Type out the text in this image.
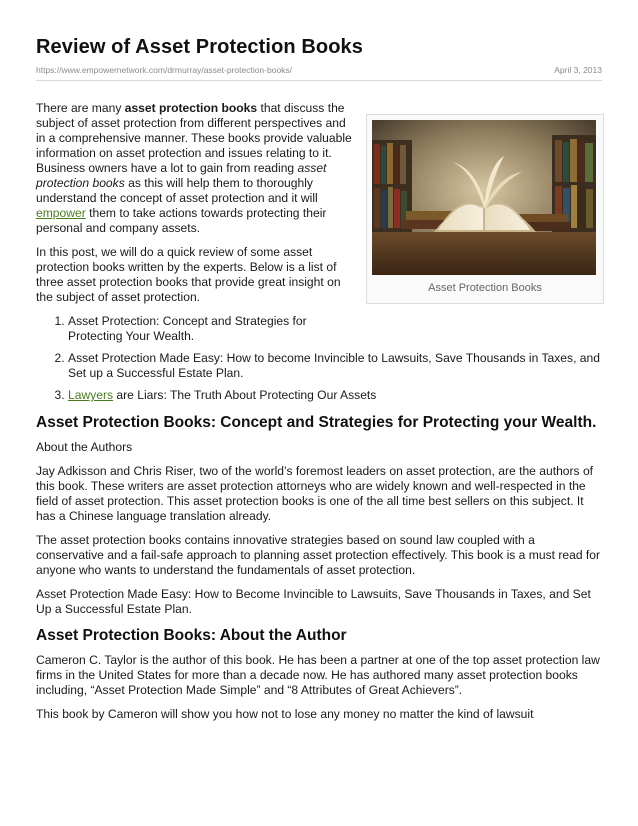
Review of Asset Protection Books
https://www.empowernetwork.com/drmurray/asset-protection-books/	April 3, 2013
Asset Protection Books

There are many asset protection books that discuss the subject of asset protection from different perspectives and in a comprehensive manner. These books provide valuable information on asset protection and issues relating to it. Business owners have a lot to gain from reading asset protection books as this will help them to thoroughly understand the concept of asset protection and it will empower them to take actions towards protecting their personal and company assets.

In this post, we will do a quick review of some asset protection books written by the experts. Below is a list of three asset protection books that provide great insight on the subject of asset protection.

1. Asset Protection: Concept and Strategies for Protecting Your Wealth.
2. Asset Protection Made Easy: How to become Invincible to Lawsuits, Save Thousands in Taxes, and Set up a Successful Estate Plan.
3. Lawyers are Liars: The Truth About Protecting Our Assets
Asset Protection Books: Concept and Strategies for Protecting your Wealth.

About the Authors

Jay Adkisson and Chris Riser, two of the world’s foremost leaders on asset protection, are the authors of this book. These writers are asset protection attorneys who are widely known and well-respected in the field of asset protection. This asset protection books is one of the all time best sellers on this subject. It has a Chinese language translation already.

The asset protection books contains innovative strategies based on sound law coupled with a conservative and a fail-safe approach to planning asset protection effectively. This book is a must read for anyone who wants to understand the fundamentals of asset protection.

Asset Protection Made Easy: How to Become Invincible to Lawsuits, Save Thousands in Taxes, and Set Up a Successful Estate Plan.

Asset Protection Books: About the Author

Cameron C. Taylor is the author of this book. He has been a partner at one of the top asset protection law firms in the United States for more than a decade now. He has authored many asset protection books including, “Asset Protection Made Simple” and “8 Attributes of Great Achievers”.

This book by Cameron will show you how not to lose any money no matter the kind of lawsuit
